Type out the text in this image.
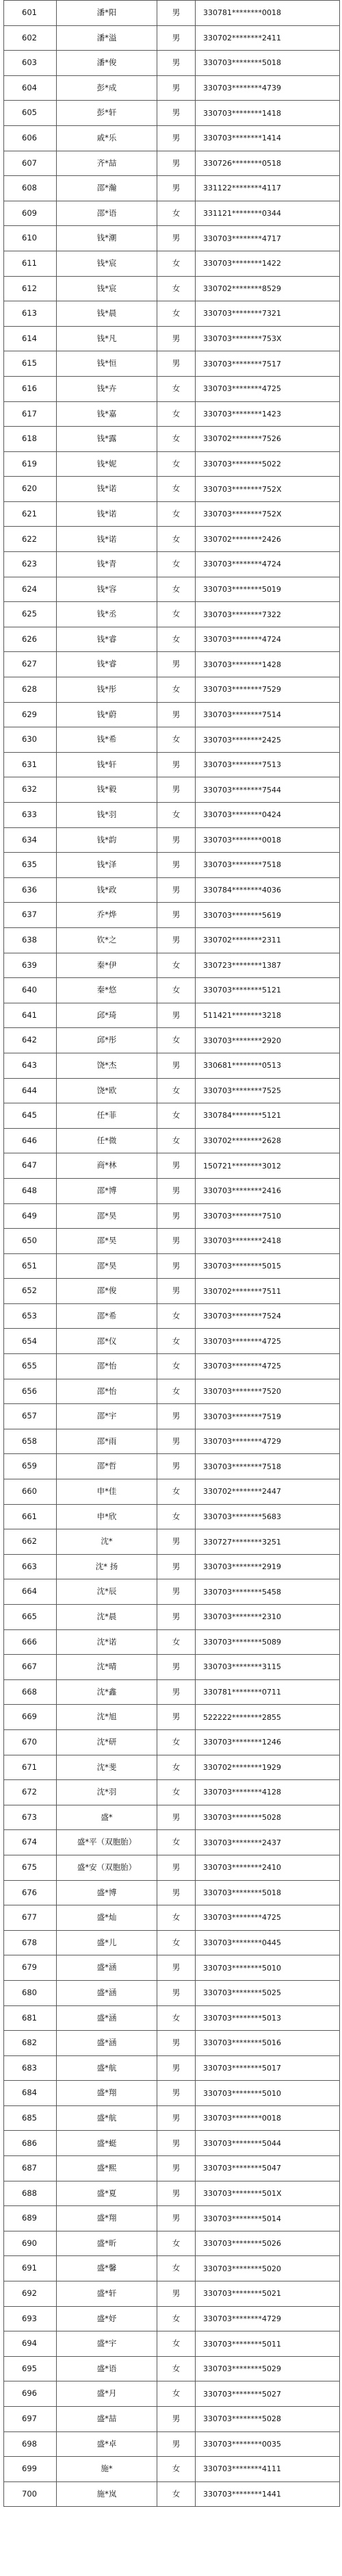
601	潘*阳	男	330781********0018
602	潘*溢	男	330702********2411
603	潘*俊	男	330703********5018
604	彭*成	男	330703********4739
605	彭*轩	男	330703********1418
606	戚*乐	男	330703********1414
607	齐*喆	男	330726********0518
608	邵*瀚	男	331122********4117
609	邵*语	女	331121********0344
610	钱*潮	男	330703********4717
611	钱*宸	女	330703********1422
612	钱*宸	女	330702********8529
613	钱*晨	女	330703********7321
614	钱*凡	男	330703********753X
615	钱*恒	男	330703********7517
616	钱*卉	女	330703********4725
617	钱*嘉	女	330703********1423
618	钱*露	女	330702********7526
619	钱*妮	女	330703********5022
620	钱*诺	女	330703********752X
621	钱*诺	女	330703********752X
622	钱*诺	女	330702********2426
623	钱*青	女	330703********4724
624	钱*容	女	330703********5019
625	钱*丞	女	330703********7322
626	钱*睿	女	330703********4724
627	钱*睿	男	330703********1428
628	钱*彤	女	330703********7529
629	钱*蔚	男	330703********7514
630	钱*希	女	330703********2425
631	钱*轩	男	330703********7513
632	钱*毅	男	330703********7544
633	钱*羽	女	330703********0424
634	钱*韵	男	330703********0018
635	钱*泽	男	330703********7518
636	钱*政	男	330784********4036
637	乔*烨	男	330703********5619
638	钦*之	男	330702********2311
639	秦*伊	女	330723********1387
640	秦*悠	女	330703********5121
641	邱*琦	男	511421********3218
642	邱*彤	女	330703********2920
643	饶*杰	男	330681********0513
644	饶*欧	女	330703********7525
645	任*菲	女	330784********5121
646	任*微	女	330702********2628
647	商*林	男	150721********3012
648	邵*博	男	330703********2416
649	邵*昊	男	330703********7510
650	邵*昊	男	330703********2418
651	邵*昊	男	330703********5015
652	邵*俊	男	330702********7511
653	邵*希	女	330703********7524
654	邵*仪	女	330703********4725
655	邵*怡	女	330703********4725
656	邵*怡	女	330703********7520
657	邵*宇	男	330703********7519
658	邵*雨	男	330703********4729
659	邵*哲	男	330703********7518
660	申*佳	女	330702********2447
661	申*欣	女	330703********5683
662	沈*	男	330727********3251
663	沈* 扬	男	330703********2919
664	沈*辰	男	330703********5458
665	沈*晨	男	330703********2310
666	沈*诺	女	330703********5089
667	沈*晴	男	330703********3115
668	沈*鑫	男	330781********0711
669	沈*旭	男	522222********2855
670	沈*研	女	330703********1246
671	沈*斐	女	330702********1929
672	沈*羽	女	330703********4128
673	盛*	男	330703********5028
674	盛*平（双胞胎）	女	330703********2437
675	盛*安（双胞胎）	男	330703********2410
676	盛*博	男	330703********5018
677	盛*灿	女	330703********4725
678	盛*儿	女	330703********0445
679	盛*涵	男	330703********5010
680	盛*涵	男	330703********5025
681	盛*涵	女	330703********5013
682	盛*涵	男	330703********5016
683	盛*航	男	330703********5017
684	盛*翔	男	330703********5010
685	盛*航	男	330703********0018
686	盛*蜓	男	330703********5044
687	盛*熙	男	330703********5047
688	盛*夏	男	330703********501X
689	盛*翔	男	330703********5014
690	盛*昕	女	330703********5026
691	盛*馨	女	330703********5020
692	盛*轩	男	330703********5021
693	盛*妤	女	330703********4729
694	盛*宇	女	330703********5011
695	盛*语	女	330703********5029
696	盛*月	女	330703********5027
697	盛*喆	男	330703********5028
698	盛*卓	男	330703********0035
699	施*	女	330703********4111
700	施*岚	女	330703********1441
